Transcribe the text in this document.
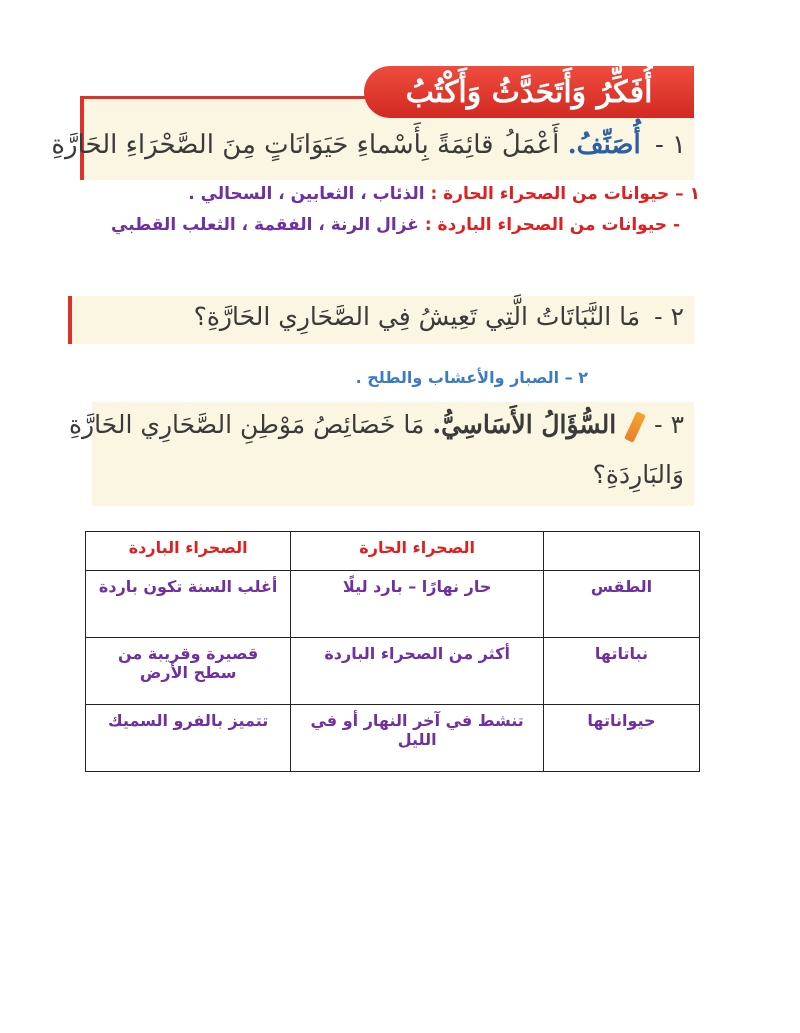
أُفَكِّرُ وَأَتَحَدَّثُ وَأَكْتُبُ
١ - أُصَنِّفُ. أَعْمَلُ قائِمَةً بِأَسْماءِ حَيَوَانَاتٍ مِنَ الصَّحْرَاءِ الحَارَّةِ
١ – حيوانات من الصحراء الحارة : الذئاب ، الثعابين ، السحالي .
- حيوانات من الصحراء الباردة : غزال الرنة ، الفقمة ، الثعلب القطبي
٢ - مَا النَّبَاتَاتُ الَّتِي تَعِيشُ فِي الصَّحَارِي الحَارَّةِ؟
٢ – الصبار والأعشاب والطلح .
٣ -  السُّؤَالُ الأَسَاسِيُّ. مَا خَصَائِصُ مَوْطِنِ الصَّحَارِي الحَارَّةِ
وَالبَارِدَةِ؟
	الصحراء الحارة	الصحراء الباردة
الطقس	حار نهارًا – بارد ليلًا	أغلب السنة تكون باردة
نباتاتها	أكثر من الصحراء الباردة	قصيرة وقريبة من سطح الأرض
حيواناتها	تنشط في آخر النهار أو في الليل	تتميز بالفرو السميك
